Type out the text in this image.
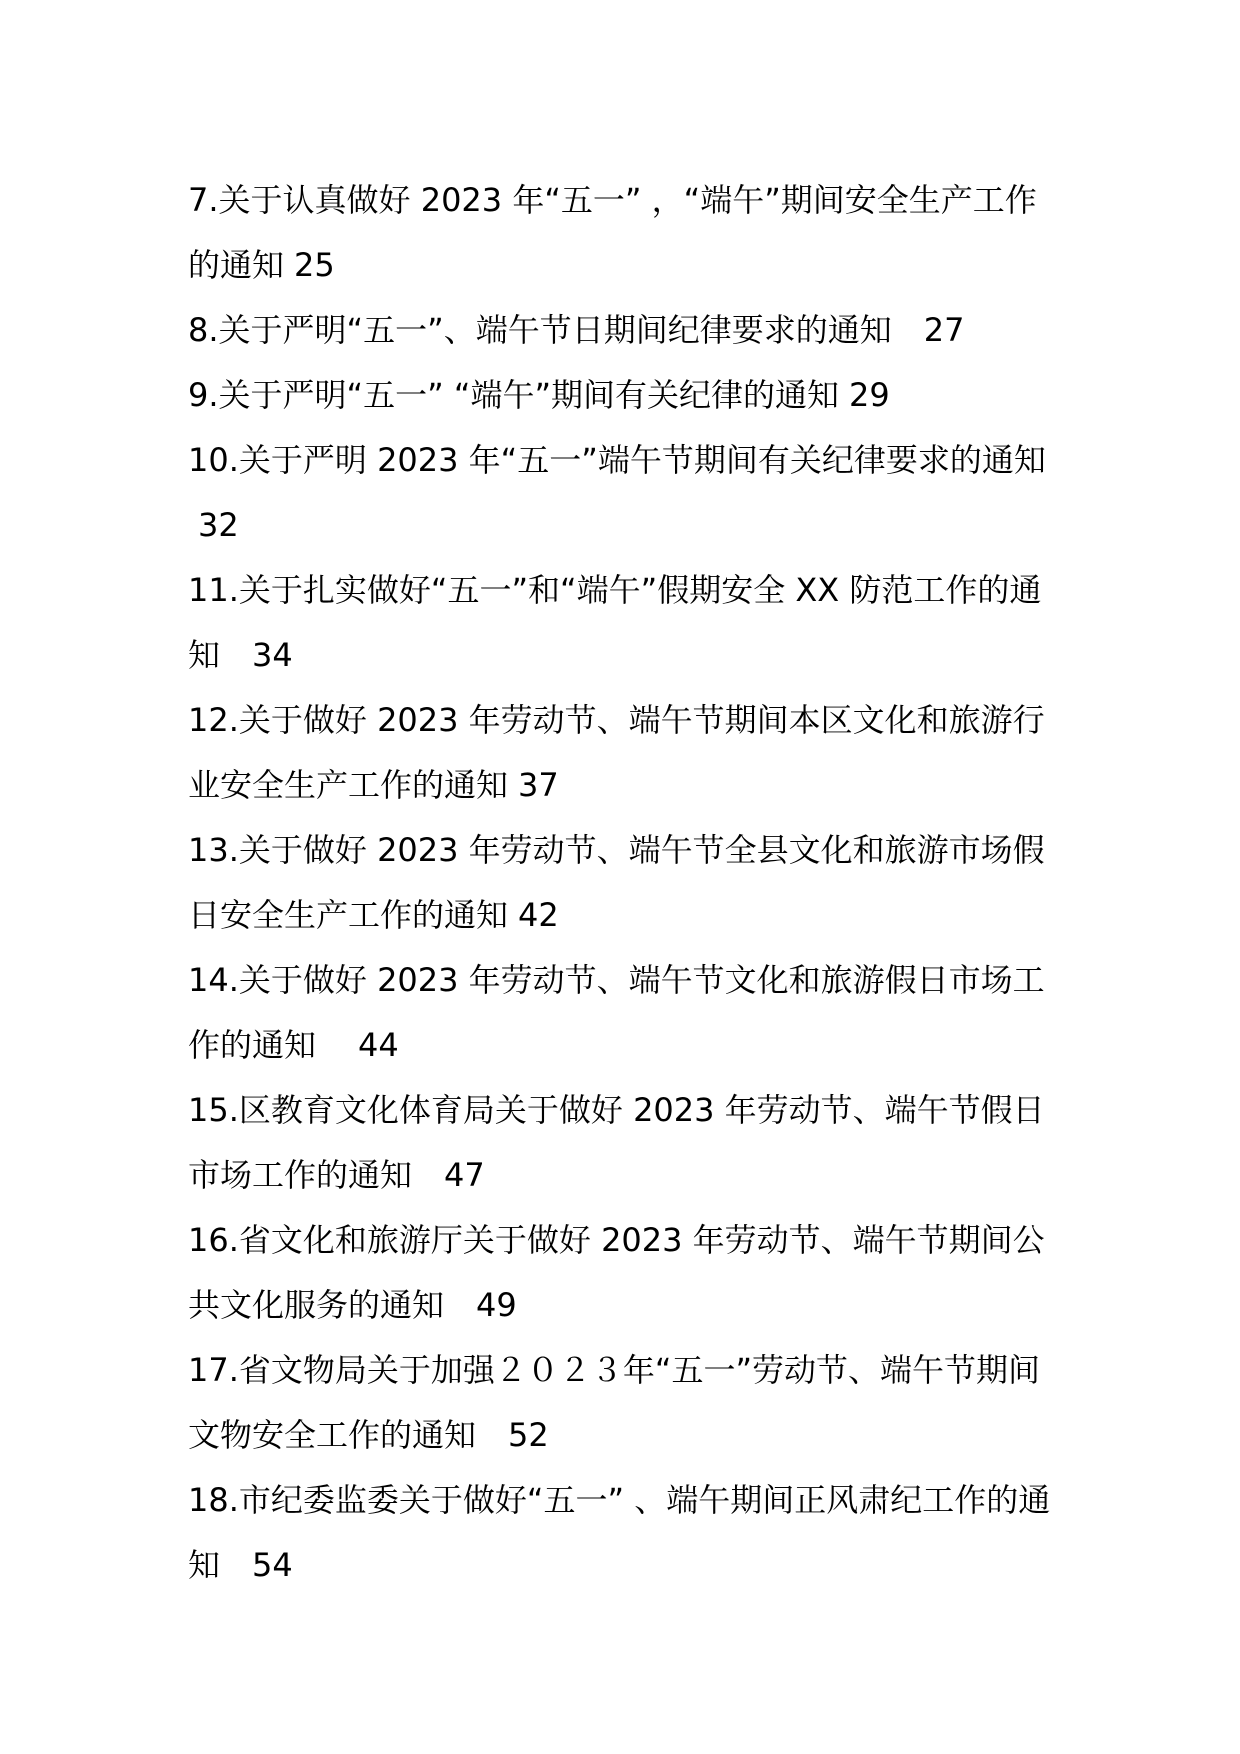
7.关于认真做好 2023 年“五一” ，“端午”期间安全生产工作的通知 25

8.关于严明“五一”、端午节日期间纪律要求的通知 27

9.关于严明“五一” “端午”期间有关纪律的通知 29

10.关于严明 2023 年“五一”端午节期间有关纪律要求的通知32

11.关于扎实做好“五一”和“端午”假期安全 XX 防范工作的通知 34

12.关于做好 2023 年劳动节、端午节期间本区文化和旅游行业安全生产工作的通知 37

13.关于做好 2023 年劳动节、端午节全县文化和旅游市场假日安全生产工作的通知 42

14.关于做好 2023 年劳动节、端午节文化和旅游假日市场工作的通知 44

15.区教育文化体育局关于做好 2023 年劳动节、端午节假日市场工作的通知 47

16.省文化和旅游厅关于做好 2023 年劳动节、端午节期间公共文化服务的通知 49

17.省文物局关于加强２０２３年“五一”劳动节、端午节期间文物安全工作的通知 52

18.市纪委监委关于做好“五一” 、端午期间正风肃纪工作的通知 54
